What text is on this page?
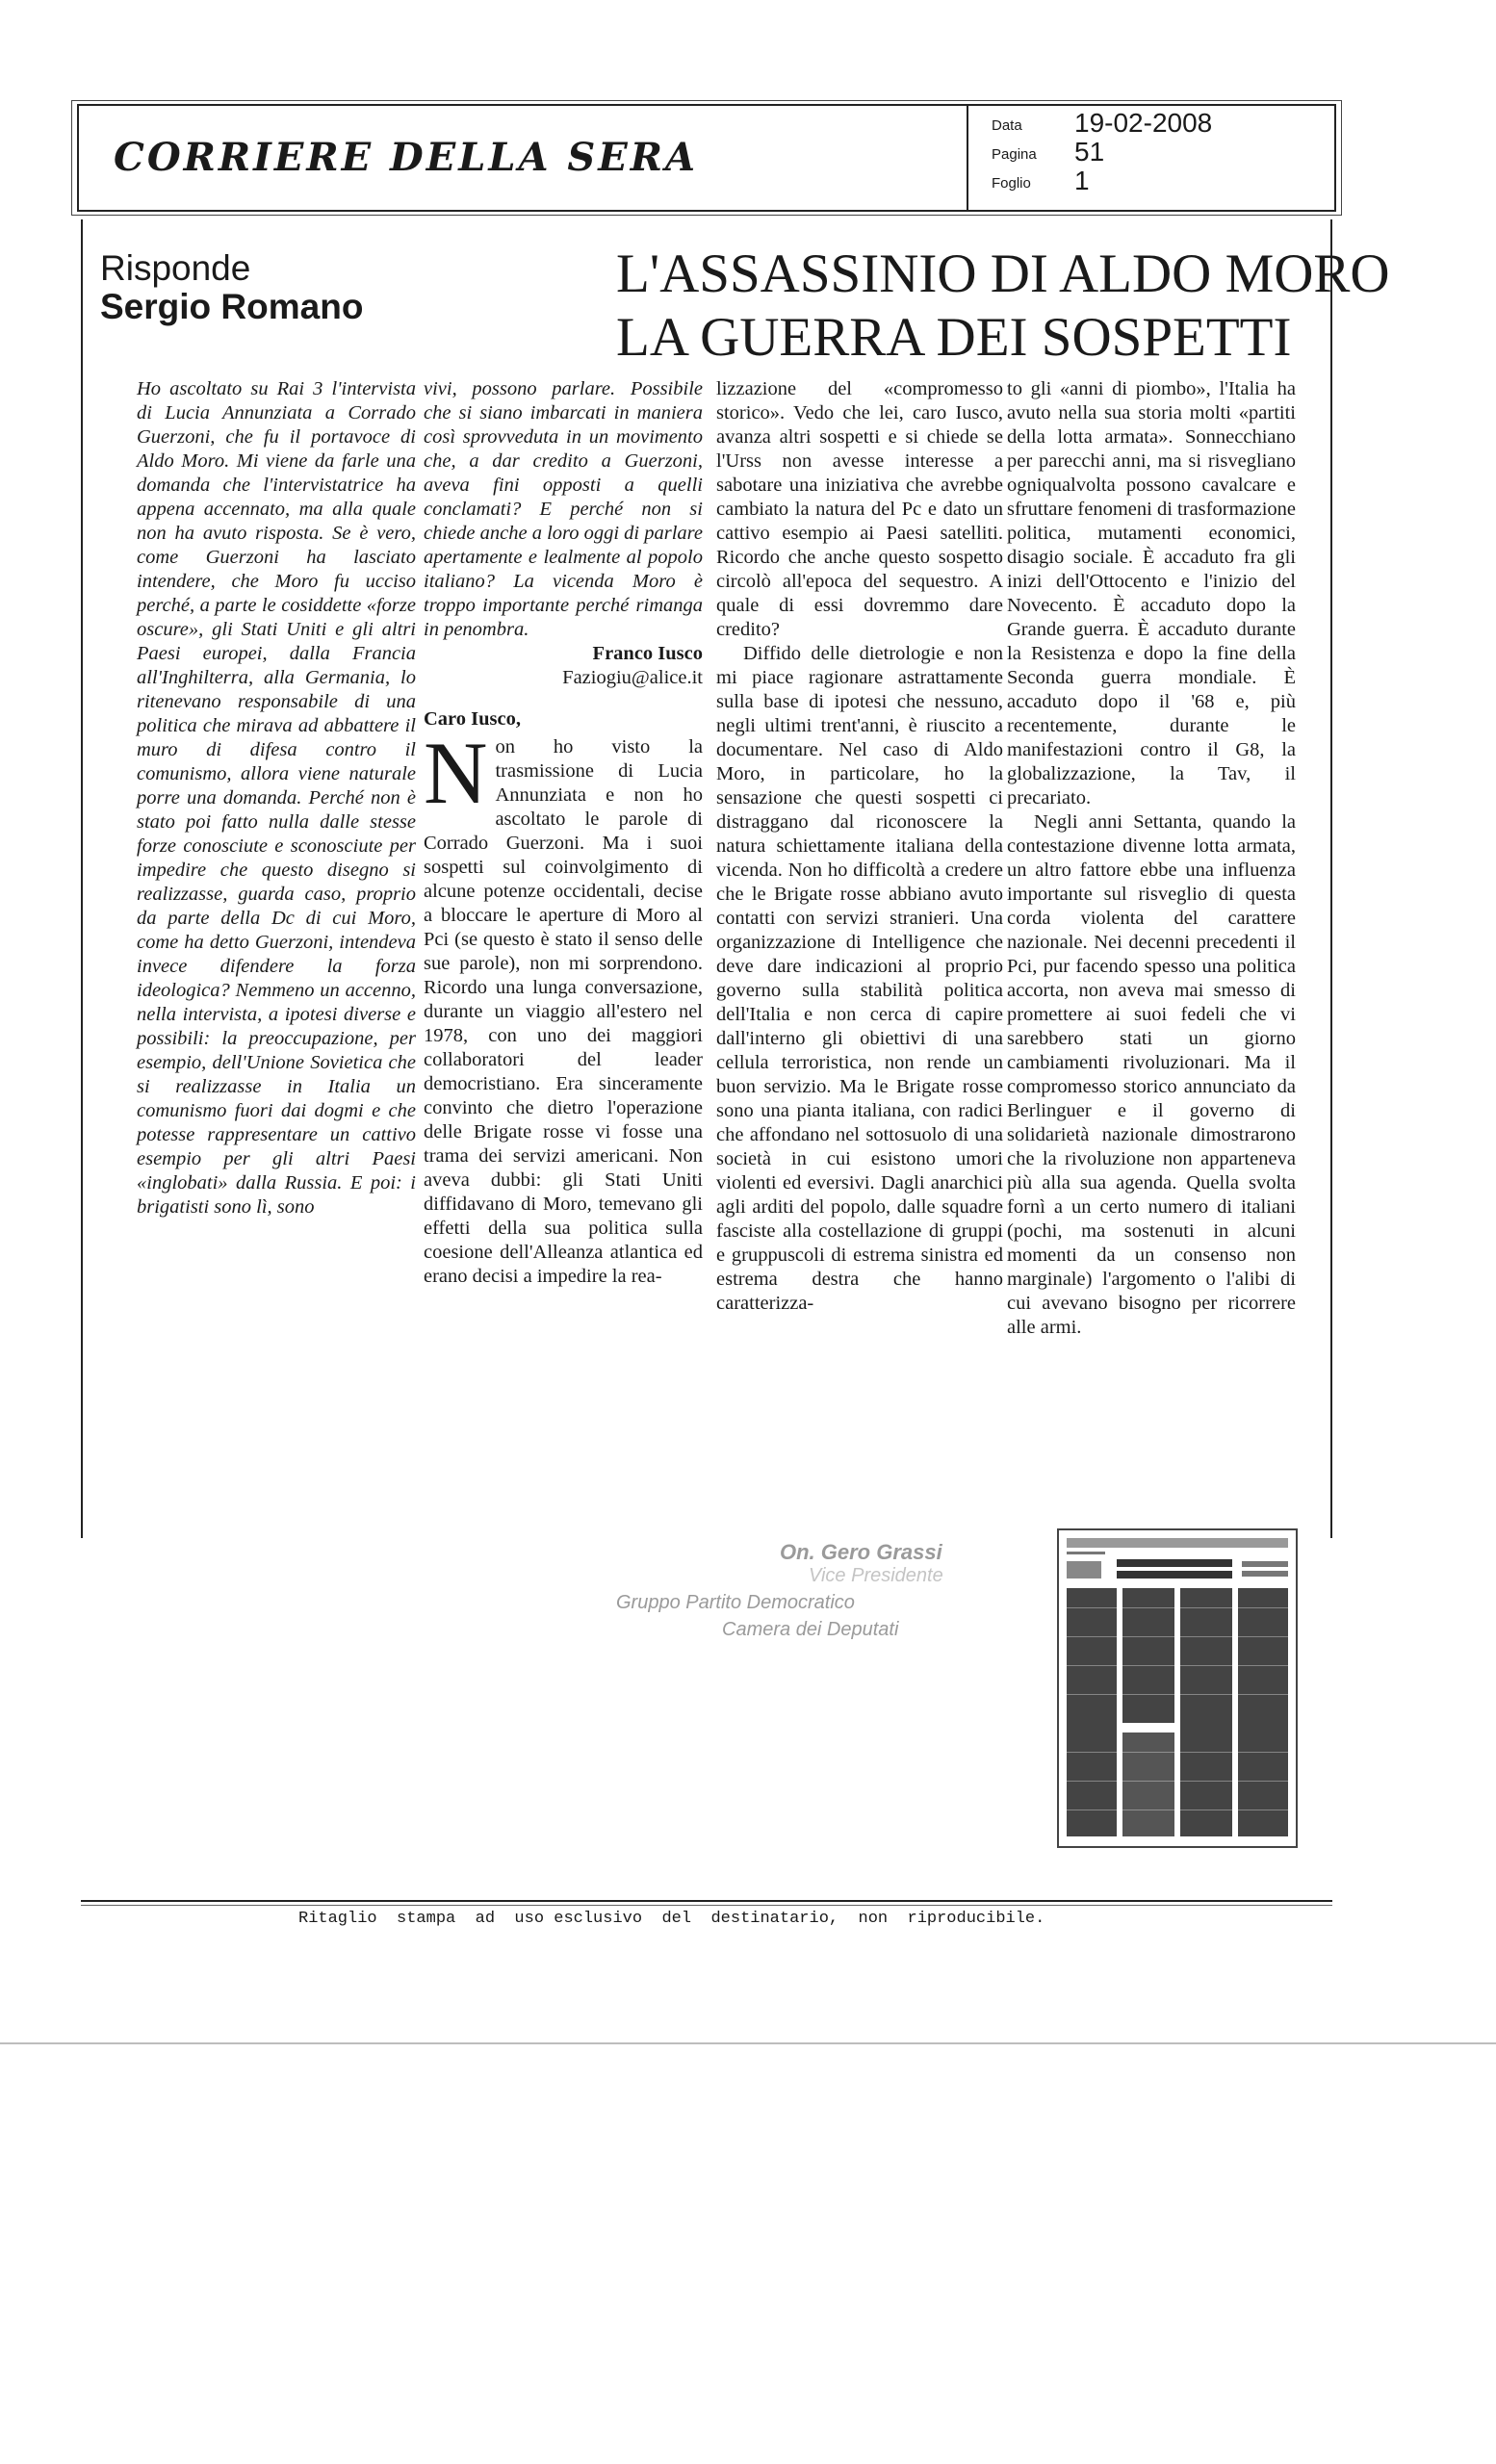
CORRIERE DELLA SERA
Data 19-02-2008
Pagina 51
Foglio 1
Risponde
Sergio Romano
L'ASSASSINIO DI ALDO MORO
LA GUERRA DEI SOSPETTI

Ho ascoltato su Rai 3 l'intervista di Lucia Annunziata a Corrado Guerzoni, che fu il portavoce di Aldo Moro. Mi viene da farle una domanda che l'intervistatrice ha appena accennato, ma alla quale non ha avuto risposta. Se è vero, come Guerzoni ha lasciato intendere, che Moro fu ucciso perché, a parte le cosiddette «forze oscure», gli Stati Uniti e gli altri Paesi europei, dalla Francia all'Inghilterra, alla Germania, lo ritenevano responsabile di una politica che mirava ad abbattere il muro di difesa contro il comunismo, allora viene naturale porre una domanda. Perché non è stato poi fatto nulla dalle stesse forze conosciute e sconosciute per impedire che questo disegno si realizzasse, guarda caso, proprio da parte della Dc di cui Moro, come ha detto Guerzoni, intendeva invece difendere la forza ideologica? Nemmeno un accenno, nella intervista, a ipotesi diverse e possibili: la preoccupazione, per esempio, dell'Unione Sovietica che si realizzasse in Italia un comunismo fuori dai dogmi e che potesse rappresentare un cattivo esempio per gli altri Paesi «inglobati» dalla Russia. E poi: i brigatisti sono lì, sono

vivi, possono parlare. Possibile che si siano imbarcati in maniera così sprovveduta in un movimento che, a dar credito a Guerzoni, aveva fini opposti a quelli conclamati? E perché non si chiede anche a loro oggi di parlare apertamente e lealmente al popolo italiano? La vicenda Moro è troppo importante perché rimanga in penombra.

Franco Iusco

Faziogiu@alice.it

Caro Iusco,

Non ho visto la trasmissione di Lucia Annunziata e non ho ascoltato le parole di Corrado Guerzoni. Ma i suoi sospetti sul coinvolgimento di alcune potenze occidentali, decise a bloccare le aperture di Moro al Pci (se questo è stato il senso delle sue parole), non mi sorprendono. Ricordo una lunga conversazione, durante un viaggio all'estero nel 1978, con uno dei maggiori collaboratori del leader democristiano. Era sinceramente convinto che dietro l'operazione delle Brigate rosse vi fosse una trama dei servizi americani. Non aveva dubbi: gli Stati Uniti diffidavano di Moro, temevano gli effetti della sua politica sulla coesione dell'Alleanza atlantica ed erano decisi a impedire la rea-

lizzazione del «compromesso storico». Vedo che lei, caro Iusco, avanza altri sospetti e si chiede se l'Urss non avesse interesse a sabotare una iniziativa che avrebbe cambiato la natura del Pc e dato un cattivo esempio ai Paesi satelliti. Ricordo che anche questo sospetto circolò all'epoca del sequestro. A quale di essi dovremmo dare credito?

Diffido delle dietrologie e non mi piace ragionare astrattamente sulla base di ipotesi che nessuno, negli ultimi trent'anni, è riuscito a documentare. Nel caso di Aldo Moro, in particolare, ho la sensazione che questi sospetti ci distraggano dal riconoscere la natura schiettamente italiana della vicenda. Non ho difficoltà a credere che le Brigate rosse abbiano avuto contatti con servizi stranieri. Una organizzazione di Intelligence che deve dare indicazioni al proprio governo sulla stabilità politica dell'Italia e non cerca di capire dall'interno gli obiettivi di una cellula terroristica, non rende un buon servizio. Ma le Brigate rosse sono una pianta italiana, con radici che affondano nel sottosuolo di una società in cui esistono umori violenti ed eversivi. Dagli anarchici agli arditi del popolo, dalle squadre fasciste alla costellazione di gruppi e gruppuscoli di estrema sinistra ed estrema destra che hanno caratterizza-

to gli «anni di piombo», l'Italia ha avuto nella sua storia molti «partiti della lotta armata». Sonnecchiano per parecchi anni, ma si risvegliano ogniqualvolta possono cavalcare e sfruttare fenomeni di trasformazione politica, mutamenti economici, disagio sociale. È accaduto fra gli inizi dell'Ottocento e l'inizio del Novecento. È accaduto dopo la Grande guerra. È accaduto durante la Resistenza e dopo la fine della Seconda guerra mondiale. È accaduto dopo il '68 e, più recentemente, durante le manifestazioni contro il G8, la globalizzazione, la Tav, il precariato.

Negli anni Settanta, quando la contestazione divenne lotta armata, un altro fattore ebbe una influenza importante sul risveglio di questa corda violenta del carattere nazionale. Nei decenni precedenti il Pci, pur facendo spesso una politica accorta, non aveva mai smesso di promettere ai suoi fedeli che vi sarebbero stati un giorno cambiamenti rivoluzionari. Ma il compromesso storico annunciato da Berlinguer e il governo di solidarietà nazionale dimostrarono che la rivoluzione non apparteneva più alla sua agenda. Quella svolta fornì a un certo numero di italiani (pochi, ma sostenuti in alcuni momenti da un consenso non marginale) l'argomento o l'alibi di cui avevano bisogno per ricorrere alle armi.

On. Gero Grassi
Vice Presidente
Gruppo Partito Democratico
Camera dei Deputati
Ritaglio  stampa  ad  uso esclusivo  del  destinatario,  non  riproducibile.
